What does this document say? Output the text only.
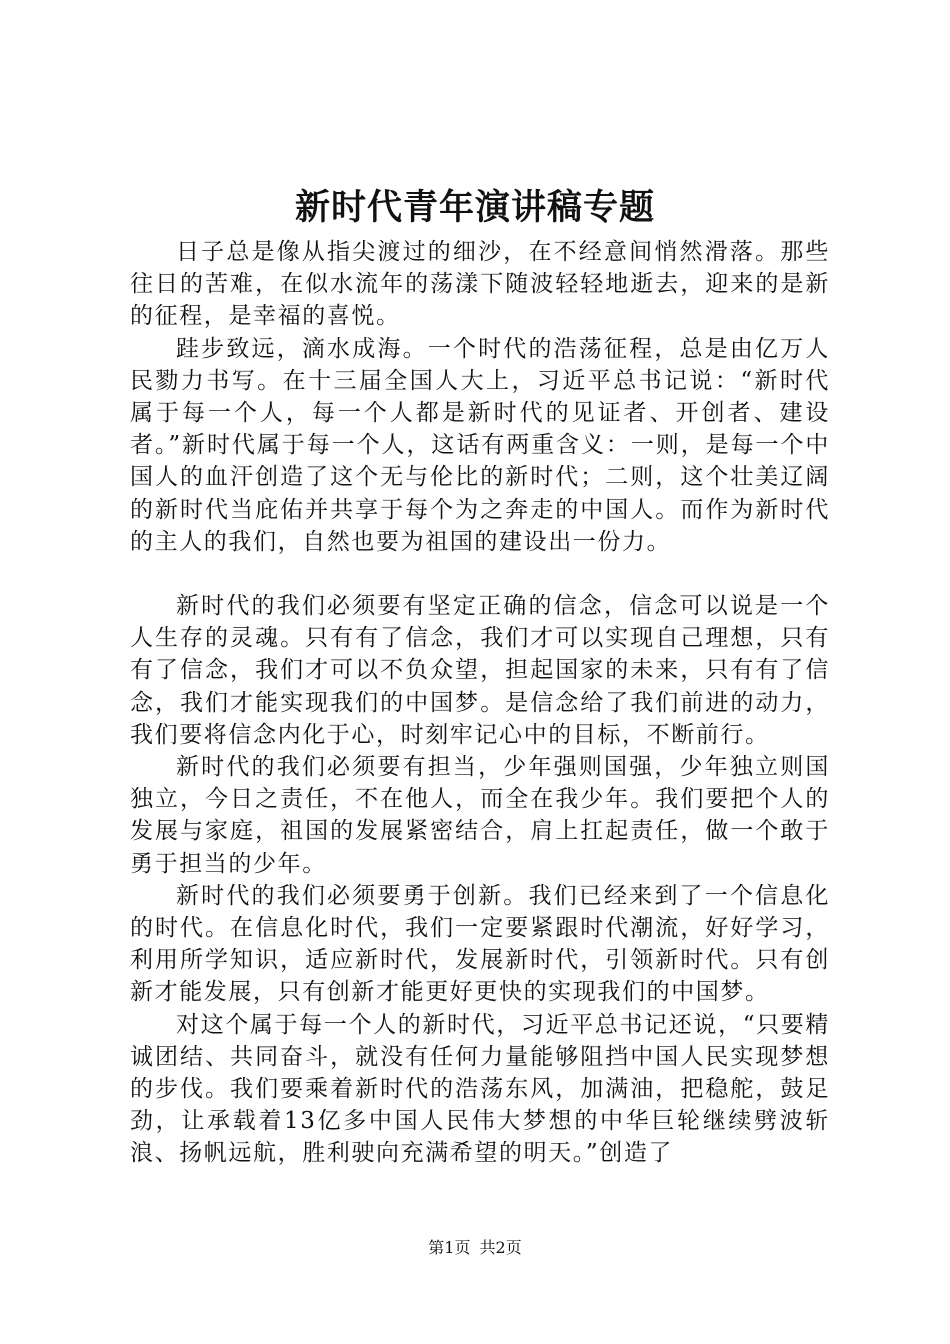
新时代青年演讲稿专题

日子总是像从指尖渡过的细沙，在不经意间悄然滑落。那些往日的苦难，在似水流年的荡漾下随波轻轻地逝去，迎来的是新的征程，是幸福的喜悦。

跬步致远，滴水成海。一个时代的浩荡征程，总是由亿万人民勠力书写。在十三届全国人大上，习近平总书记说：“新时代属于每一个人，每一个人都是新时代的见证者、开创者、建设者。”新时代属于每一个人，这话有两重含义：一则，是每一个中国人的血汗创造了这个无与伦比的新时代；二则，这个壮美辽阔的新时代当庇佑并共享于每个为之奔走的中国人。而作为新时代的主人的我们，自然也要为祖国的建设出一份力。

新时代的我们必须要有坚定正确的信念，信念可以说是一个人生存的灵魂。只有有了信念，我们才可以实现自己理想，只有有了信念，我们才可以不负众望，担起国家的未来，只有有了信念，我们才能实现我们的中国梦。是信念给了我们前进的动力，我们要将信念内化于心，时刻牢记心中的目标，不断前行。

新时代的我们必须要有担当，少年强则国强，少年独立则国独立，今日之责任，不在他人，而全在我少年。我们要把个人的发展与家庭，祖国的发展紧密结合，肩上扛起责任，做一个敢于勇于担当的少年。

新时代的我们必须要勇于创新。我们已经来到了一个信息化的时代。在信息化时代，我们一定要紧跟时代潮流，好好学习，利用所学知识，适应新时代，发展新时代，引领新时代。只有创新才能发展，只有创新才能更好更快的实现我们的中国梦。

对这个属于每一个人的新时代，习近平总书记还说，“只要精诚团结、共同奋斗，就没有任何力量能够阻挡中国人民实现梦想的步伐。我们要乘着新时代的浩荡东风，加满油，把稳舵，鼓足劲，让承载着13亿多中国人民伟大梦想的中华巨轮继续劈波斩浪、扬帆远航，胜利驶向充满希望的明天。”创造了

第1页 共2页
